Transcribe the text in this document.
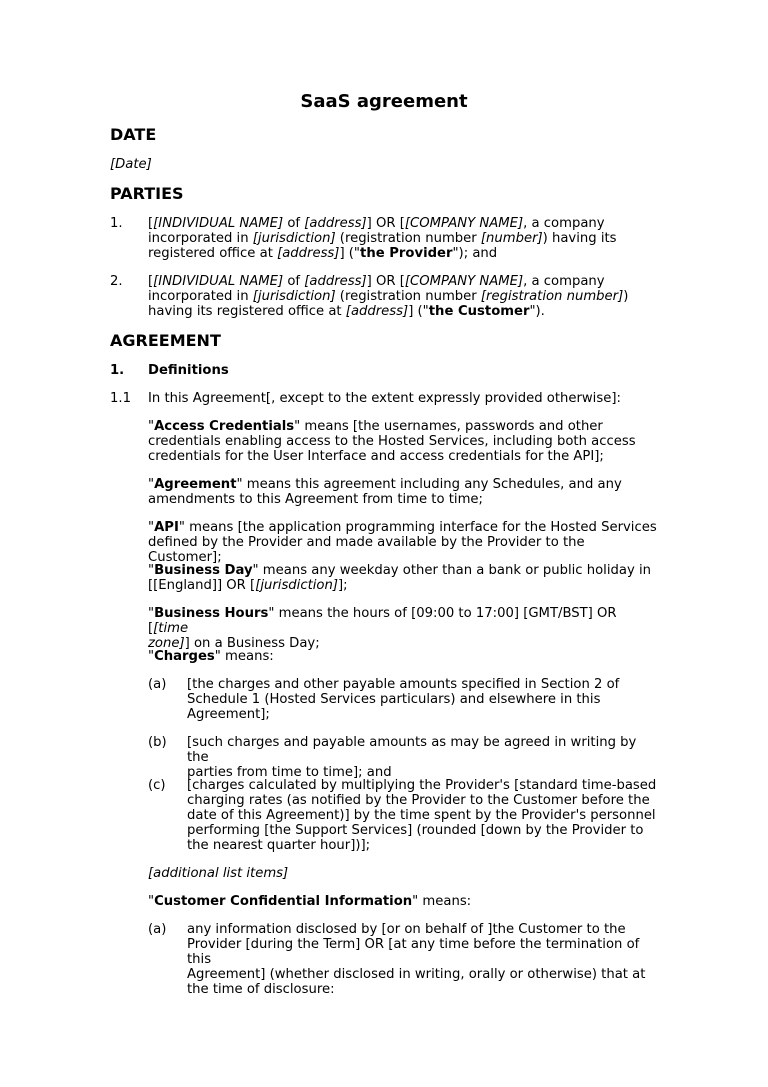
SaaS agreement
DATE
[Date]
PARTIES
1.	[[INDIVIDUAL NAME] of [address]] OR [[COMPANY NAME], a company
incorporated in [jurisdiction] (registration number [number]) having its
registered office at [address]] ("the Provider"); and
2.	[[INDIVIDUAL NAME] of [address]] OR [[COMPANY NAME], a company
incorporated in [jurisdiction] (registration number [registration number])
having its registered office at [address]] ("the Customer").
AGREEMENT
1.	Definitions
1.1	In this Agreement[, except to the extent expressly provided otherwise]:
"Access Credentials" means [the usernames, passwords and other
credentials enabling access to the Hosted Services, including both access
credentials for the User Interface and access credentials for the API];
"Agreement" means this agreement including any Schedules, and any
amendments to this Agreement from time to time;
"API" means [the application programming interface for the Hosted Services
defined by the Provider and made available by the Provider to the Customer];
"Business Day" means any weekday other than a bank or public holiday in
[[England]] OR [[jurisdiction]];
"Business Hours" means the hours of [09:00 to 17:00] [GMT/BST] OR [[time
zone]] on a Business Day;
"Charges" means:
(a)	[the charges and other payable amounts specified in Section 2 of
Schedule 1 (Hosted Services particulars) and elsewhere in this
Agreement];
(b)	[such charges and payable amounts as may be agreed in writing by the
parties from time to time]; and
(c)	[charges calculated by multiplying the Provider's [standard time-based
charging rates (as notified by the Provider to the Customer before the
date of this Agreement)] by the time spent by the Provider's personnel
performing [the Support Services] (rounded [down by the Provider to
the nearest quarter hour])];
[additional list items]
"Customer Confidential Information" means:
(a)	any information disclosed by [or on behalf of ]the Customer to the
Provider [during the Term] OR [at any time before the termination of this
Agreement] (whether disclosed in writing, orally or otherwise) that at
the time of disclosure:
